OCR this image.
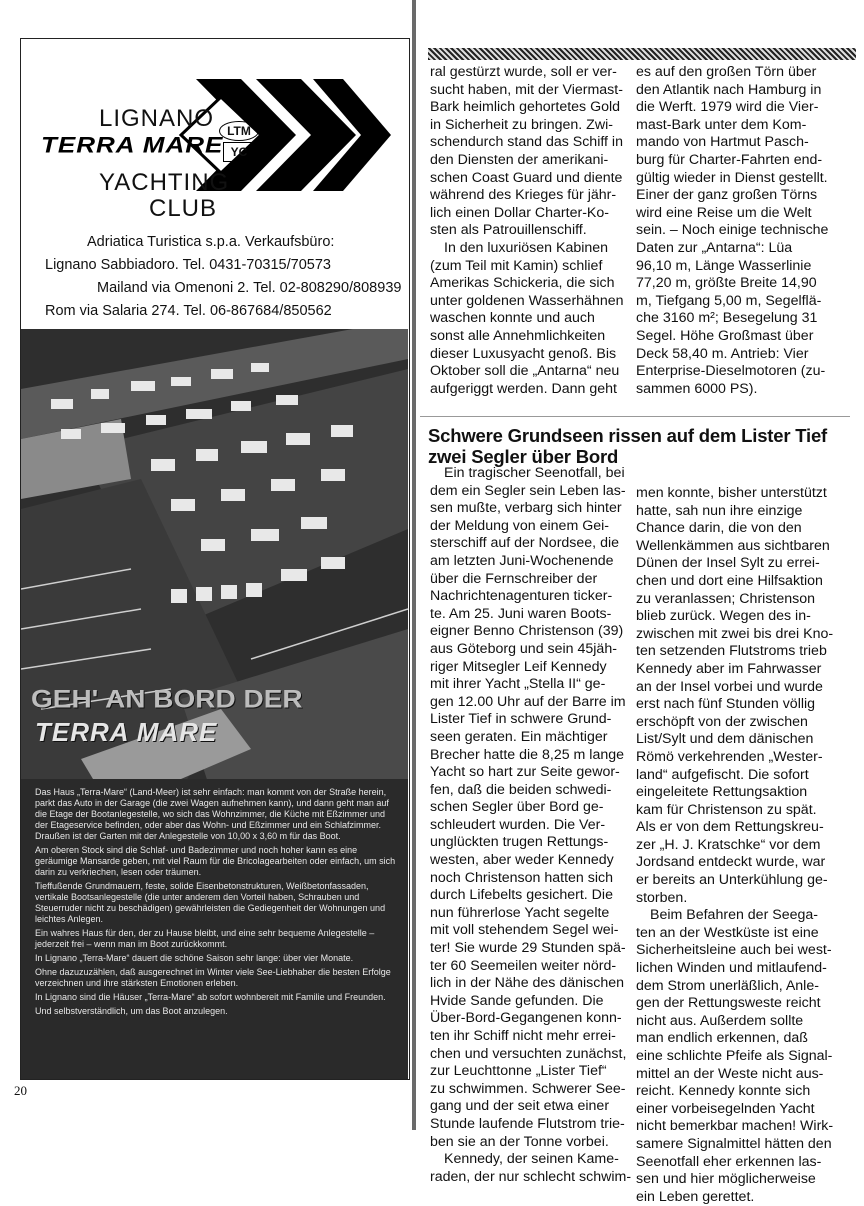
LTM
YC
LIGNANO
TERRA MARE
YACHTING
CLUB
Adriatica Turistica s.p.a. Verkaufsbüro:
Lignano Sabbiadoro. Tel. 0431-70315/70573
Mailand via Omenoni 2. Tel. 02-808290/808939
Rom via Salaria 274. Tel. 06-867684/850562
GEH' AN BORD DER
TERRA MARE

Das Haus „Terra-Mare“ (Land-Meer) ist sehr einfach: man kommt von der Straße herein, parkt das Auto in der Garage (die zwei Wagen aufnehmen kann), und dann geht man auf die Etage der Bootanlegestelle, wo sich das Wohnzimmer, die Küche mit Eßzimmer und der Etageservice befinden, oder aber das Wohn- und Eßzimmer und ein Schlafzimmer. Draußen ist der Garten mit der Anlegestelle von 10,00 x 3,60 m für das Boot.

Am oberen Stock sind die Schlaf- und Badezimmer und noch hoher kann es eine geräumige Mansarde geben, mit viel Raum für die Bricolagearbeiten oder einfach, um sich darin zu verkriechen, lesen oder träumen.

Tieffußende Grundmauern, feste, solide Eisenbetonstrukturen, Weißbetonfassaden, vertikale Bootsanlegestelle (die unter anderem den Vorteil haben, Schrauben und Steuerruder nicht zu beschädigen) gewährleisten die Gediegenheit der Wohnungen und leichtes Anlegen.

Ein wahres Haus für den, der zu Hause bleibt, und eine sehr bequeme Anlegestelle – jederzeit frei – wenn man im Boot zurückkommt.

In Lignano „Terra-Mare“ dauert die schöne Saison sehr lange: über vier Monate.

Ohne dazuzuzählen, daß ausgerechnet im Winter viele See-Liebhaber die besten Erfolge verzeichnen und ihre stärksten Emotionen erleben.

In Lignano sind die Häuser „Terra-Mare“ ab sofort wohnbereit mit Familie und Freunden.

Und selbstverständlich, um das Boot anzulegen.

ral gestürzt wurde, soll er ver-
sucht haben, mit der Viermast-
Bark heimlich gehortetes Gold
in Sicherheit zu bringen. Zwi-
schendurch stand das Schiff in
den Diensten der amerikani-
schen Coast Guard und diente
während des Krieges für jähr-
lich einen Dollar Charter-Ko-
sten als Patrouillenschiff.
In den luxuriösen Kabinen
(zum Teil mit Kamin) schlief
Amerikas Schickeria, die sich
unter goldenen Wasserhähnen
waschen konnte und auch
sonst alle Annehmlichkeiten
dieser Luxusyacht genoß. Bis
Oktober soll die „Antarna“ neu
aufgeriggt werden. Dann geht
es auf den großen Törn über
den Atlantik nach Hamburg in
die Werft. 1979 wird die Vier-
mast-Bark unter dem Kom-
mando von Hartmut Pasch-
burg für Charter-Fahrten end-
gültig wieder in Dienst gestellt.
Einer der ganz großen Törns
wird eine Reise um die Welt
sein. – Noch einige technische
Daten zur „Antarna“: Lüa
96,10 m, Länge Wasserlinie
77,20 m, größte Breite 14,90
m, Tiefgang 5,00 m, Segelflä-
che 3160 m²; Besegelung 31
Segel. Höhe Großmast über
Deck 58,40 m. Antrieb: Vier
Enterprise-Dieselmotoren (zu-
sammen 6000 PS).
Schwere Grundseen rissen auf dem Lister Tief
zwei Segler über Bord
Ein tragischer Seenotfall, bei
dem ein Segler sein Leben las-
sen mußte, verbarg sich hinter
der Meldung von einem Gei-
sterschiff auf der Nordsee, die
am letzten Juni-Wochenende
über die Fernschreiber der
Nachrichtenagenturen ticker-
te. Am 25. Juni waren Boots-
eigner Benno Christenson (39)
aus Göteborg und sein 45jäh-
riger Mitsegler Leif Kennedy
mit ihrer Yacht „Stella II“ ge-
gen 12.00 Uhr auf der Barre im
Lister Tief in schwere Grund-
seen geraten. Ein mächtiger
Brecher hatte die 8,25 m lange
Yacht so hart zur Seite gewor-
fen, daß die beiden schwedi-
schen Segler über Bord ge-
schleudert wurden. Die Ver-
unglückten trugen Rettungs-
westen, aber weder Kennedy
noch Christenson hatten sich
durch Lifebelts gesichert. Die
nun führerlose Yacht segelte
mit voll stehendem Segel wei-
ter! Sie wurde 29 Stunden spä-
ter 60 Seemeilen weiter nörd-
lich in der Nähe des dänischen
Hvide Sande gefunden. Die
Über-Bord-Gegangenen konn-
ten ihr Schiff nicht mehr errei-
chen und versuchten zunächst,
zur Leuchttonne „Lister Tief“
zu schwimmen. Schwerer See-
gang und der seit etwa einer
Stunde laufende Flutstrom trie-
ben sie an der Tonne vorbei.
Kennedy, der seinen Kame-
raden, der nur schlecht schwim-
men konnte, bisher unterstützt
hatte, sah nun ihre einzige
Chance darin, die von den
Wellenkämmen aus sichtbaren
Dünen der Insel Sylt zu errei-
chen und dort eine Hilfsaktion
zu veranlassen; Christenson
blieb zurück. Wegen des in-
zwischen mit zwei bis drei Kno-
ten setzenden Flutstroms trieb
Kennedy aber im Fahrwasser
an der Insel vorbei und wurde
erst nach fünf Stunden völlig
erschöpft von der zwischen
List/Sylt und dem dänischen
Römö verkehrenden „Wester-
land“ aufgefischt. Die sofort
eingeleitete Rettungsaktion
kam für Christenson zu spät.
Als er von dem Rettungskreu-
zer „H. J. Kratschke“ vor dem
Jordsand entdeckt wurde, war
er bereits an Unterkühlung ge-
storben.
Beim Befahren der Seega-
ten an der Westküste ist eine
Sicherheitsleine auch bei west-
lichen Winden und mitlaufend-
dem Strom unerläßlich, Anle-
gen der Rettungsweste reicht
nicht aus. Außerdem sollte
man endlich erkennen, daß
eine schlichte Pfeife als Signal-
mittel an der Weste nicht aus-
reicht. Kennedy konnte sich
einer vorbeisegelnden Yacht
nicht bemerkbar machen! Wirk-
samere Signalmittel hätten den
Seenotfall eher erkennen las-
sen und hier möglicherweise
ein Leben gerettet.
20
